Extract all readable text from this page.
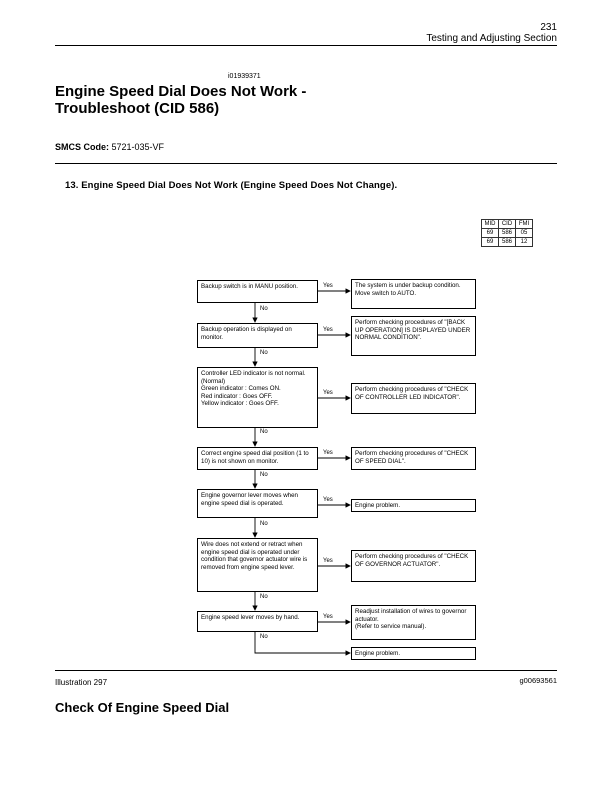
231
Testing and Adjusting Section
i01939371
Engine Speed Dial Does Not Work - Troubleshoot (CID 586)
SMCS Code: 5721-035-VF
13. Engine Speed Dial Does Not Work (Engine Speed Does Not Change).
MID	CID	FMI
69	586	05
69	586	12
Backup switch is in MANU position.
Backup operation is displayed on monitor.
Controller LED indicator is not normal.
(Normal)
Green indicator : Comes ON.
Red indicator : Goes OFF.
Yellow indicator : Goes OFF.
Correct engine speed dial position (1 to 10) is not shown on monitor.
Engine governor lever moves when engine speed dial is operated.
Wire does not extend or retract when engine speed dial is operated under condition that governor actuator wire is removed from engine speed lever.
Engine speed lever moves by hand.
The system is under backup condition.
Move switch to AUTO.
Perform checking procedures of "[BACK UP OPERATION] IS DISPLAYED UNDER NORMAL CONDITION".
Perform checking procedures of "CHECK OF CONTROLLER LED INDICATOR".
Perform checking procedures of "CHECK OF SPEED DIAL".
Engine problem.
Perform checking procedures of "CHECK OF GOVERNOR ACTUATOR".
Readjust installation of wires to governor actuator.
(Refer to service manual).
Engine problem.
Yes
Yes
Yes
Yes
Yes
Yes
Yes
No
No
No
No
No
No
No
Illustration 297	g00693561
Check Of Engine Speed Dial
